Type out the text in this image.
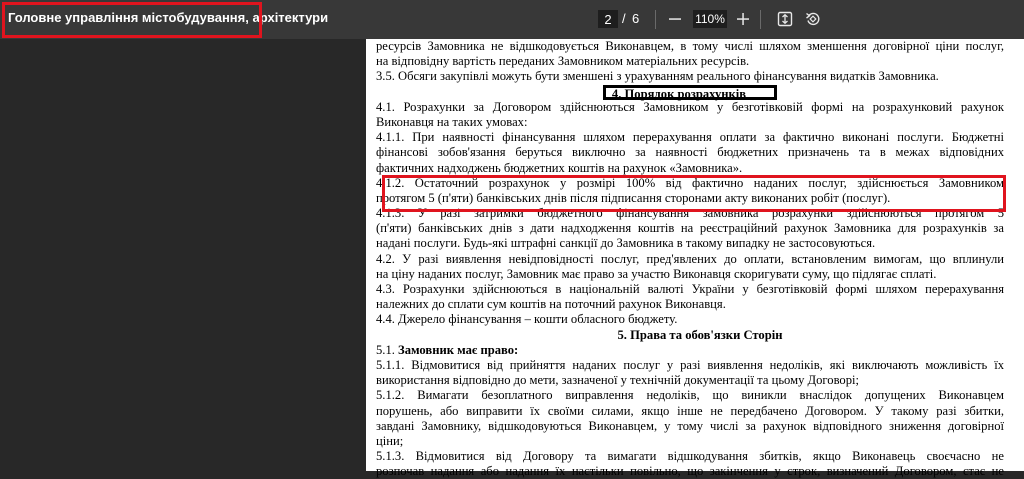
Головне управління містобудування, архітектури
2	/ 6	110%
ресурсів Замовника не відшкодовується Виконавцем, в тому числі шляхом зменшення договірної ціни послуг,
на відповідну вартість переданих Замовником матеріальних ресурсів.
3.5. Обсяги закупівлі можуть бути зменшені з урахуванням реального фінансування видатків Замовника.
4. Порядок розрахунків
4.1. Розрахунки за Договором здійснюються Замовником у безготівковій формі на розрахунковий рахунок
Виконавця на таких умовах:
4.1.1. При наявності фінансування шляхом перерахування оплати за фактично виконані послуги. Бюджетні
фінансові зобов'язання беруться виключно за наявності бюджетних призначень та в межах відповідних
фактичних надходжень бюджетних коштів на рахунок «Замовника».
4.1.2. Остаточний розрахунок у розмірі 100% від фактично наданих послуг, здійснюється Замовником
протягом 5 (п'яти) банківських днів після підписання сторонами акту виконаних робіт (послуг).
4.1.3. У разі затримки бюджетного фінансування замовника розрахунки здійснюються протягом 5
(п'яти) банківських днів з дати надходження коштів на реєстраційний рахунок Замовника для розрахунків за
надані послуги. Будь-які штрафні санкції до Замовника в такому випадку не застосовуються.
4.2. У разі виявлення невідповідності послуг, пред'явлених до оплати, встановленим вимогам, що вплинули
на ціну наданих послуг, Замовник має право за участю Виконавця скоригувати суму, що підлягає сплаті.
4.3. Розрахунки здійснюються в національній валюті України у безготівковій формі шляхом перерахування
належних до сплати сум коштів на поточний рахунок Виконавця.
4.4. Джерело фінансування – кошти обласного бюджету.
5. Права та обов'язки Сторін
5.1. Замовник має право:
5.1.1. Відмовитися від прийняття наданих послуг у разі виявлення недоліків, які виключають можливість їх
використання відповідно до мети, зазначеної у технічній документації та цьому Договорі;
5.1.2. Вимагати безоплатного виправлення недоліків, що виникли внаслідок допущених Виконавцем
порушень, або виправити їх своїми силами, якщо інше не передбачено Договором. У такому разі збитки,
завдані Замовнику, відшкодовуються Виконавцем, у тому числі за рахунок відповідного зниження договірної
ціни;
5.1.3. Відмовитися від Договору та вимагати відшкодування збитків, якщо Виконавець своєчасно не
розпочав надання або надання їх настільки повільно, що закінчення у строк, визначений Договором, стає не
